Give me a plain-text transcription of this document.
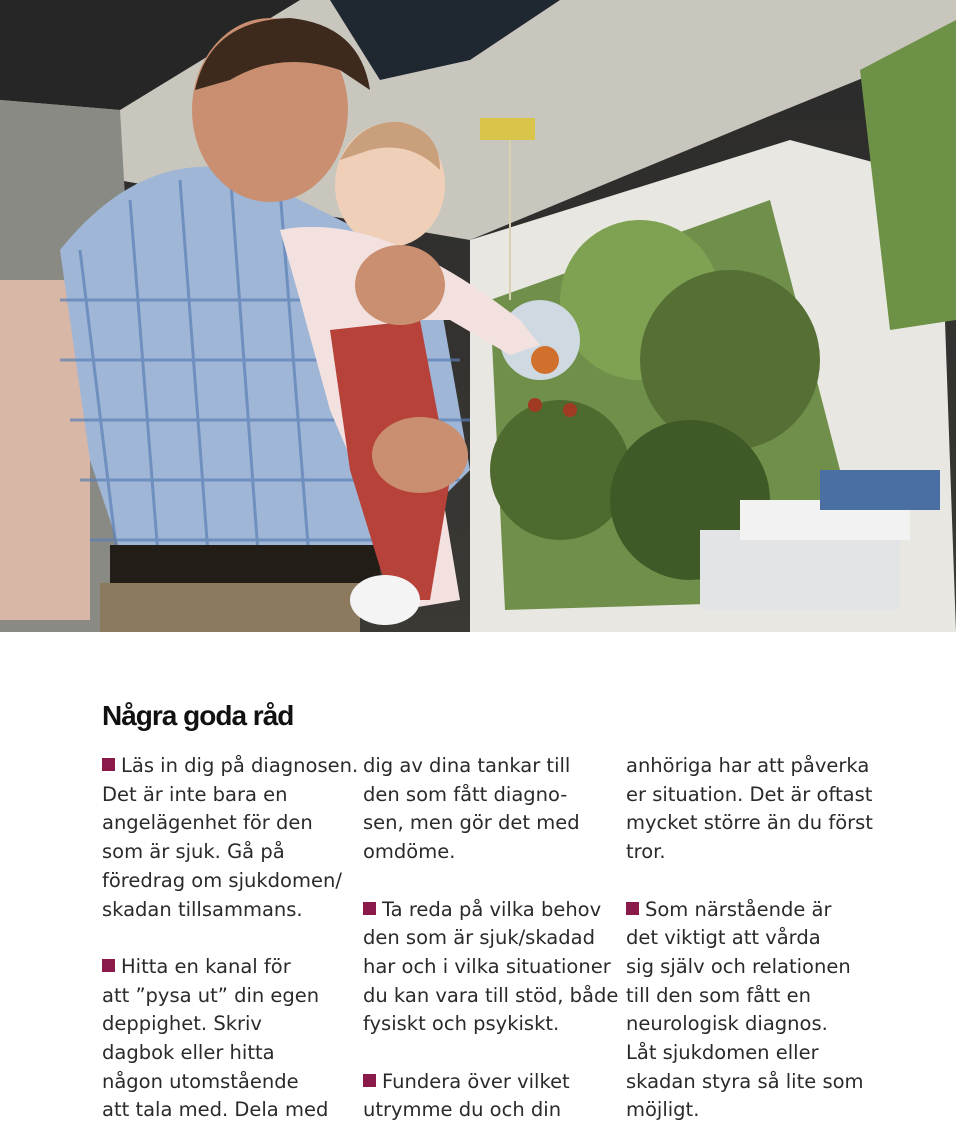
Några goda råd

Läs in dig på diagnosen.
Det är inte bara en
angelägenhet för den
som är sjuk. Gå på
föredrag om sjukdomen/
skadan tillsammans.

Hitta en kanal för
att ”pysa ut” din egen
deppighet. Skriv
dagbok eller hitta
någon utomstående
att tala med. Dela med

dig av dina tankar till
den som fått diagno-
sen, men gör det med
omdöme.

Ta reda på vilka behov
den som är sjuk/skadad
har och i vilka situationer
du kan vara till stöd, både
fysiskt och psykiskt.

Fundera över vilket
utrymme du och din

anhöriga har att påverka
er situation. Det är oftast
mycket större än du först
tror.

Som närstående är
det viktigt att vårda
sig själv och relationen
till den som fått en
neurologisk diagnos.
Låt sjukdomen eller
skadan styra så lite som
möjligt.
